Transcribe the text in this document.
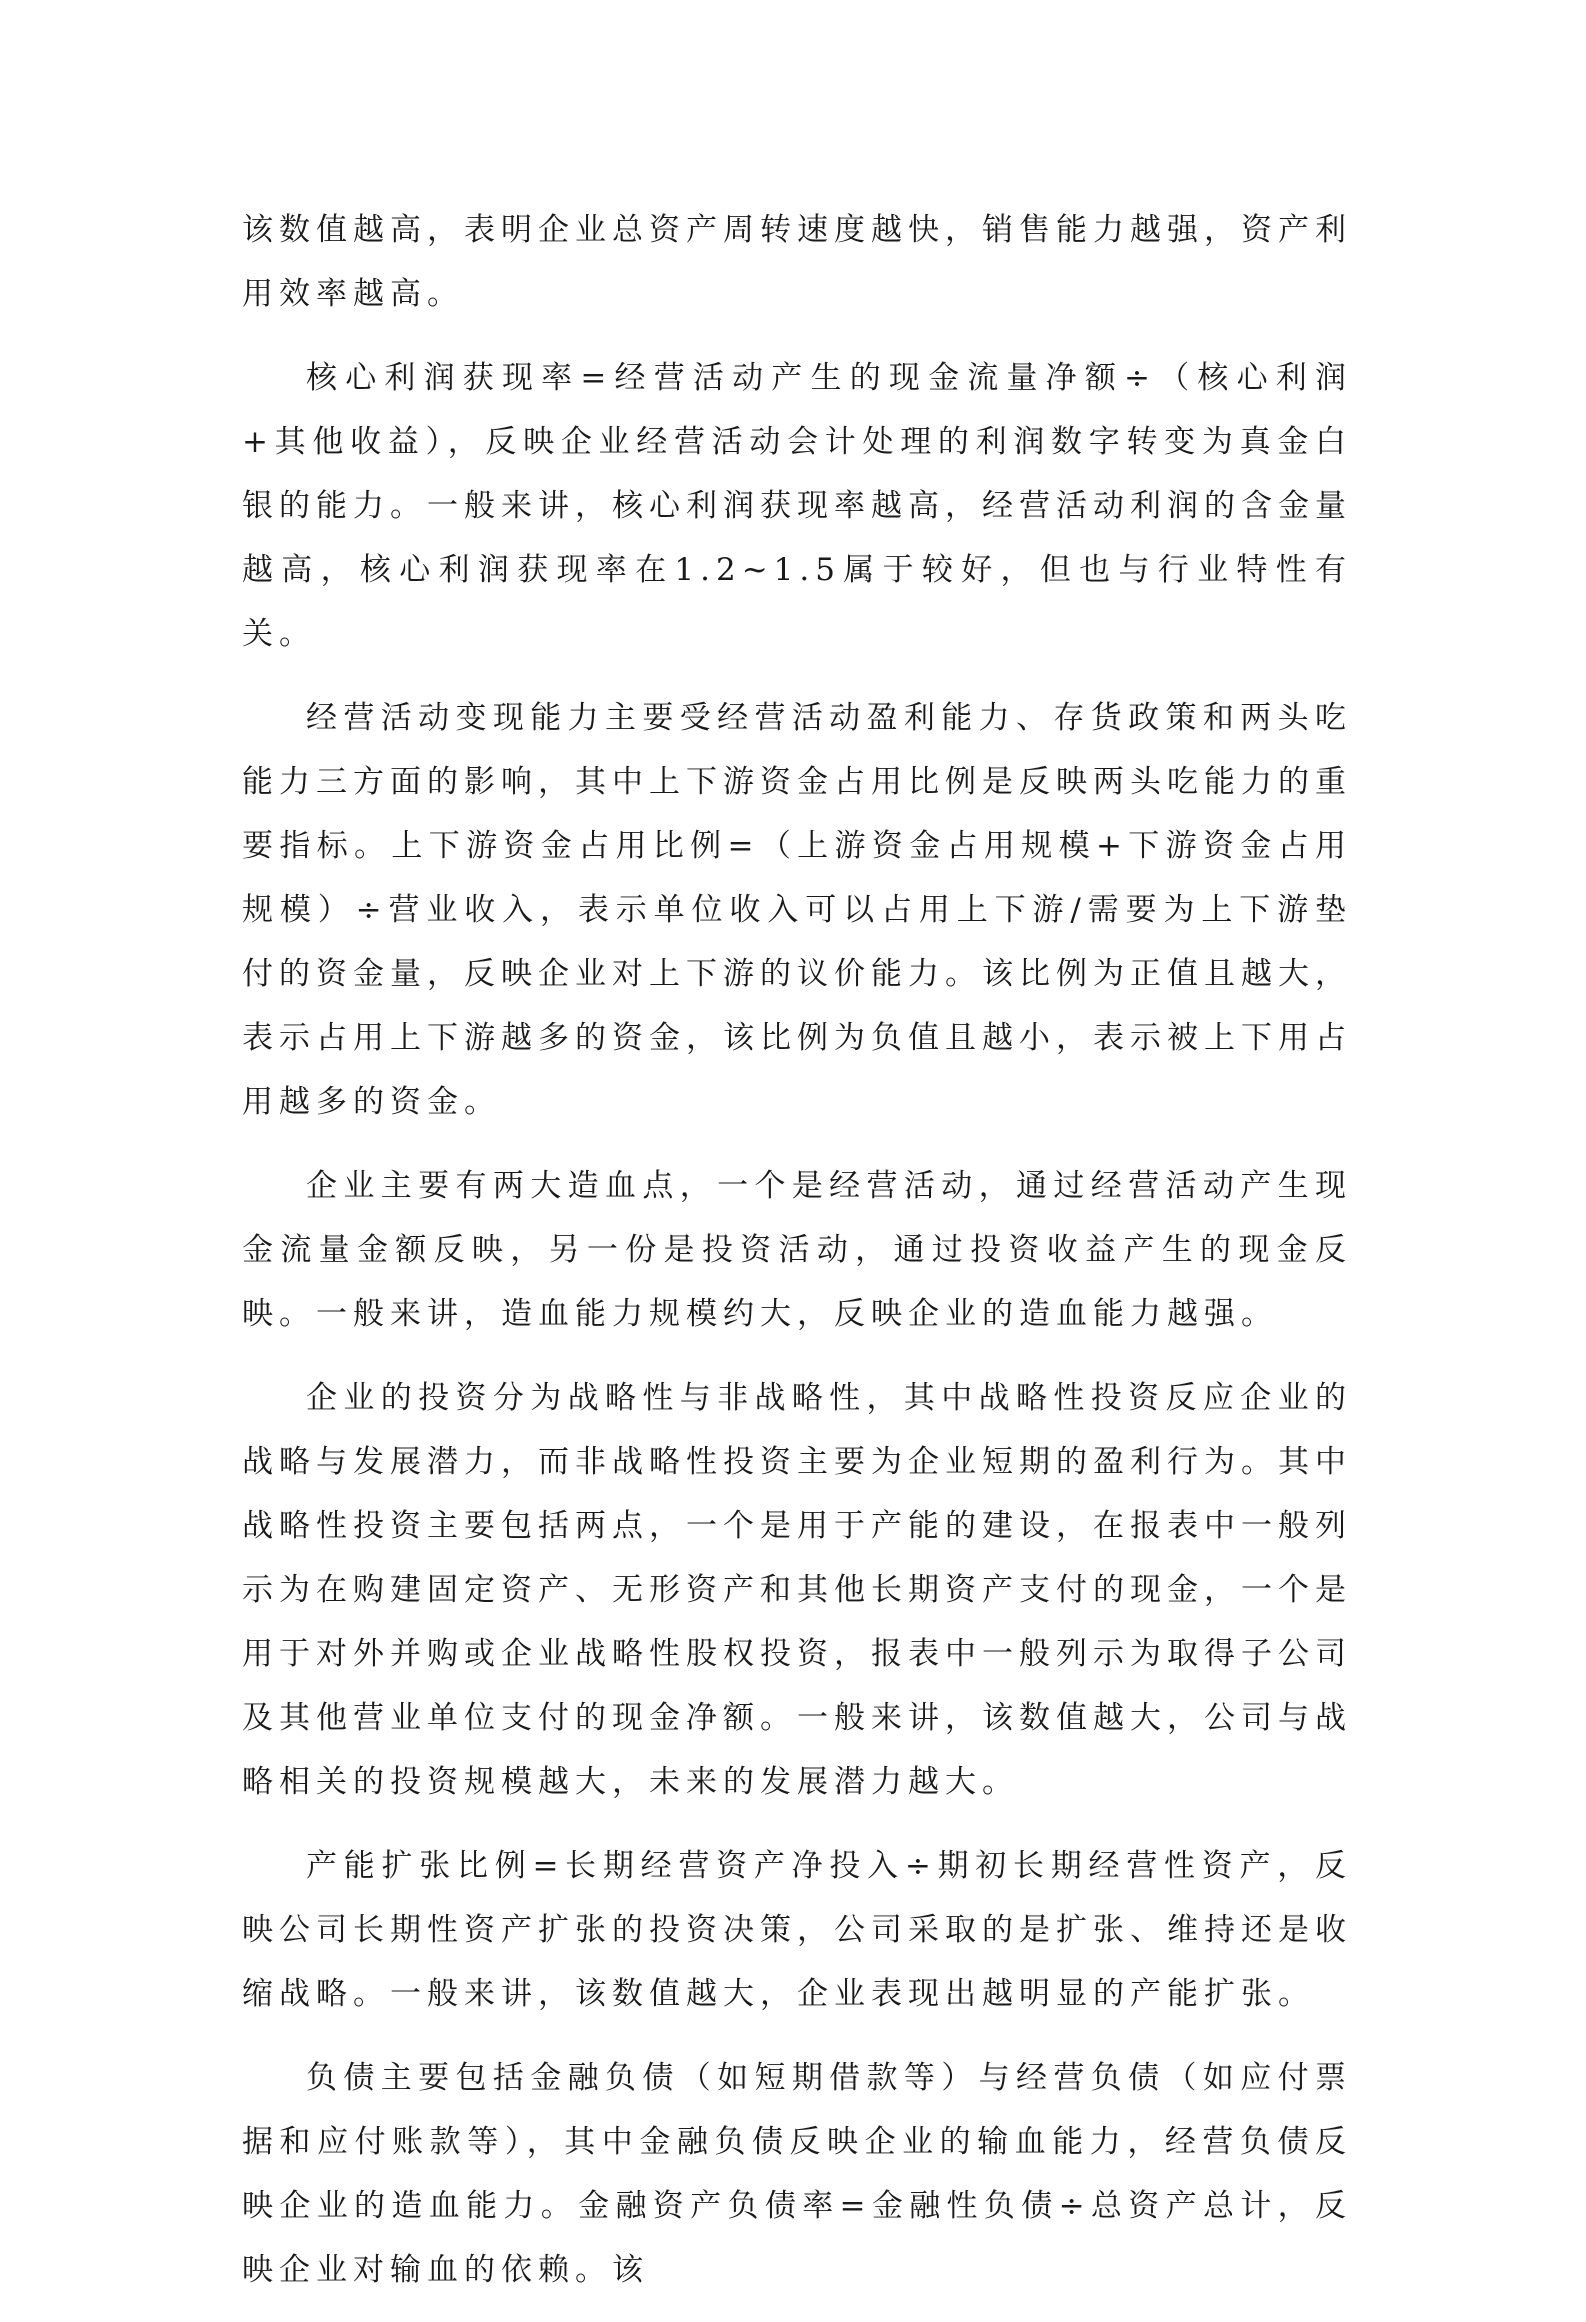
该数值越高，表明企业总资产周转速度越快，销售能力越强，资产利用效率越高。

核心利润获现率=经营活动产生的现金流量净额÷（核心利润+其他收益），反映企业经营活动会计处理的利润数字转变为真金白银的能力。一般来讲，核心利润获现率越高，经营活动利润的含金量越高，核心利润获现率在1.2~1.5属于较好，但也与行业特性有关。

经营活动变现能力主要受经营活动盈利能力、存货政策和两头吃能力三方面的影响，其中上下游资金占用比例是反映两头吃能力的重要指标。上下游资金占用比例=（上游资金占用规模+下游资金占用规模）÷营业收入，表示单位收入可以占用上下游/需要为上下游垫付的资金量，反映企业对上下游的议价能力。该比例为正值且越大，表示占用上下游越多的资金，该比例为负值且越小，表示被上下用占用越多的资金。

企业主要有两大造血点，一个是经营活动，通过经营活动产生现金流量金额反映，另一份是投资活动，通过投资收益产生的现金反映。一般来讲，造血能力规模约大，反映企业的造血能力越强。

企业的投资分为战略性与非战略性，其中战略性投资反应企业的战略与发展潜力，而非战略性投资主要为企业短期的盈利行为。其中战略性投资主要包括两点，一个是用于产能的建设，在报表中一般列示为在购建固定资产、无形资产和其他长期资产支付的现金，一个是用于对外并购或企业战略性股权投资，报表中一般列示为取得子公司及其他营业单位支付的现金净额。一般来讲，该数值越大，公司与战略相关的投资规模越大，未来的发展潜力越大。

产能扩张比例=长期经营资产净投入÷期初长期经营性资产，反映公司长期性资产扩张的投资决策，公司采取的是扩张、维持还是收缩战略。一般来讲，该数值越大，企业表现出越明显的产能扩张。

负债主要包括金融负债（如短期借款等）与经营负债（如应付票据和应付账款等），其中金融负债反映企业的输血能力，经营负债反映企业的造血能力。金融资产负债率=金融性负债÷总资产总计，反映企业对输血的依赖。该
